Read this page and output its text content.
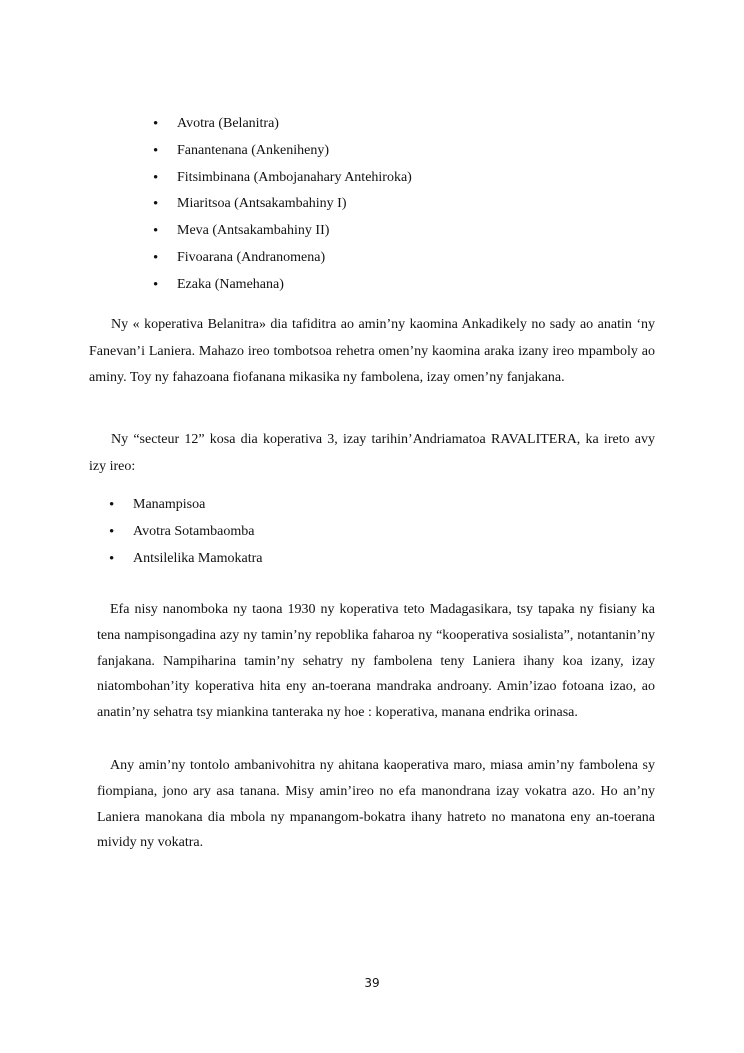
• Avotra (Belanitra)
• Fanantenana (Ankeniheny)
• Fitsimbinana (Ambojanahary Antehiroka)
• Miaritsoa (Antsakambahiny I)
• Meva (Antsakambahiny II)
• Fivoarana (Andranomena)
• Ezaka (Namehana)

Ny « koperativa Belanitra» dia tafiditra ao amin’ny kaomina Ankadikely no sady ao anatin ‘ny Fanevan’i Laniera. Mahazo ireo tombotsoa rehetra omen’ny kaomina araka izany ireo mpamboly ao aminy. Toy ny fahazoana fiofanana mikasika ny fambolena, izay omen’ny fanjakana.

Ny “secteur 12” kosa dia koperativa 3, izay tarihin’Andriamatoa RAVALITERA, ka ireto avy izy ireo:

• Manampisoa
• Avotra Sotambaomba
• Antsilelika Mamokatra

Efa nisy nanomboka ny taona 1930 ny koperativa teto Madagasikara, tsy tapaka ny fisiany ka tena nampisongadina azy ny tamin’ny repoblika faharoa ny “kooperativa sosialista”, notantanin’ny fanjakana. Nampiharina tamin’ny sehatry ny fambolena teny Laniera ihany koa izany, izay niatombohan’ity koperativa hita eny an-toerana mandraka androany. Amin’izao fotoana izao, ao anatin’ny sehatra tsy miankina tanteraka ny hoe : koperativa, manana endrika orinasa.

Any amin’ny tontolo ambanivohitra ny ahitana kaoperativa maro, miasa amin’ny fambolena sy fiompiana, jono ary asa tanana. Misy amin’ireo no efa manondrana izay vokatra azo. Ho an’ny Laniera manokana dia mbola ny mpanangom-bokatra ihany hatreto no manatona eny an-toerana mividy ny vokatra.

39
